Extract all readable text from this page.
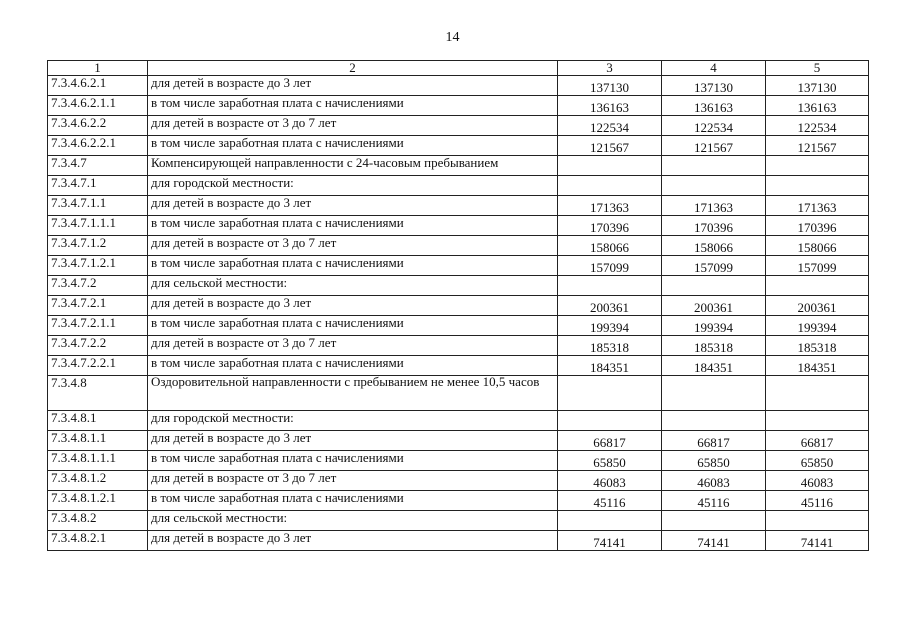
14
1	2	3	4	5
7.3.4.6.2.1	для детей в возрасте до 3 лет	137130	137130	137130
7.3.4.6.2.1.1	в том числе заработная плата с начислениями	136163	136163	136163
7.3.4.6.2.2	для детей в возрасте от 3 до 7 лет	122534	122534	122534
7.3.4.6.2.2.1	в том числе заработная плата с начислениями	121567	121567	121567
7.3.4.7	Компенсирующей направленности с 24-часовым пребыванием			
7.3.4.7.1	для городской местности:			
7.3.4.7.1.1	для детей в возрасте до 3 лет	171363	171363	171363
7.3.4.7.1.1.1	в том числе заработная плата с начислениями	170396	170396	170396
7.3.4.7.1.2	для детей в возрасте от 3 до 7 лет	158066	158066	158066
7.3.4.7.1.2.1	в том числе заработная плата с начислениями	157099	157099	157099
7.3.4.7.2	для сельской местности:			
7.3.4.7.2.1	для детей в возрасте до 3 лет	200361	200361	200361
7.3.4.7.2.1.1	в том числе заработная плата с начислениями	199394	199394	199394
7.3.4.7.2.2	для детей в возрасте от 3 до 7 лет	185318	185318	185318
7.3.4.7.2.2.1	в том числе заработная плата с начислениями	184351	184351	184351
7.3.4.8	Оздоровительной направленности с пребыванием не менее 10,5 часов			
7.3.4.8.1	для городской местности:			
7.3.4.8.1.1	для детей в возрасте до 3 лет	66817	66817	66817
7.3.4.8.1.1.1	в том числе заработная плата с начислениями	65850	65850	65850
7.3.4.8.1.2	для детей в возрасте от 3 до 7 лет	46083	46083	46083
7.3.4.8.1.2.1	в том числе заработная плата с начислениями	45116	45116	45116
7.3.4.8.2	для сельской местности:			
7.3.4.8.2.1	для детей в возрасте до 3 лет	74141	74141	74141
